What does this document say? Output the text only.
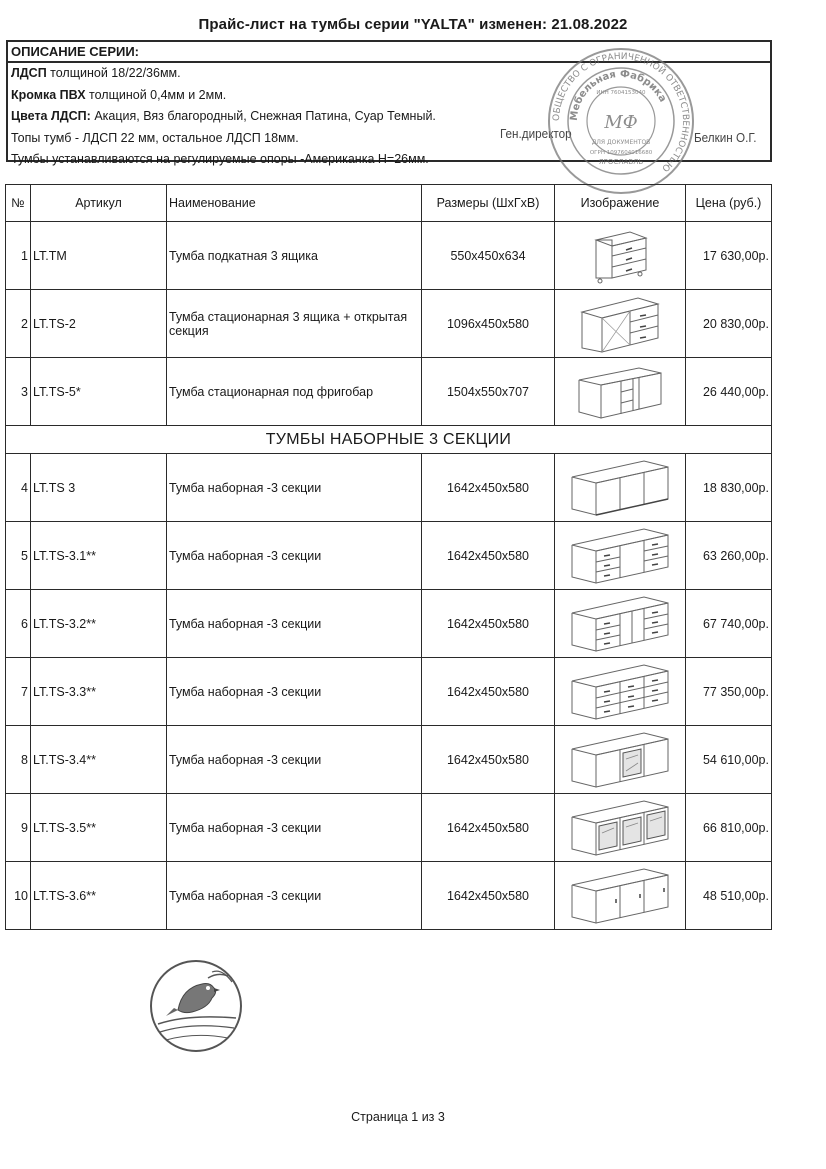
Прайс-лист на тумбы серии "YALTA" изменен: 21.08.2022
ОПИСАНИЕ СЕРИИ:
ЛДСП толщиной 18/22/36мм.
Кромка ПВХ толщиной 0,4мм и 2мм.
Цвета ЛДСП: Акация, Вяз благородный, Снежная Патина, Суар Темный.
Топы тумб - ЛДСП 22 мм, остальное ЛДСП 18мм.
Тумбы устанавливаются на регулируемые опоры -Американка H=26мм.
Ген.директор	Белкин О.Г.
ОБЩЕСТВО С ОГРАНИЧЕННОЙ ОТВЕТСТВЕННОСТЬЮ
Мебельная Фабрика
МФ
ДЛЯ ДОКУМЕНТОВ
ЯРОСЛАВЛЬ
ИНН 7604153040
ОГРН 1097604016680
№	Артикул	Наименование	Размеры (ШхГхВ)	Изображение	Цена (руб.)
1	LT.TM	Тумба подкатная 3 ящика	550x450x634		17 630,00р.
2	LT.TS-2	Тумба стационарная 3 ящика + открытая секция	1096x450x580		20 830,00р.
3	LT.TS-5*	Тумба стационарная под фригобар	1504x550x707		26 440,00р.
ТУМБЫ НАБОРНЫЕ 3 СЕКЦИИ					
4	LT.TS 3	Тумба наборная -3 секции	1642x450x580		18 830,00р.
5	LT.TS-3.1**	Тумба наборная -3 секции	1642x450x580		63 260,00р.
6	LT.TS-3.2**	Тумба наборная -3 секции	1642x450x580		67 740,00р.
7	LT.TS-3.3**	Тумба наборная -3 секции	1642x450x580		77 350,00р.
8	LT.TS-3.4**	Тумба наборная -3 секции	1642x450x580		54 610,00р.
9	LT.TS-3.5**	Тумба наборная -3 секции	1642x450x580		66 810,00р.
10	LT.TS-3.6**	Тумба наборная -3 секции	1642x450x580		48 510,00р.
Страница 1 из 3
